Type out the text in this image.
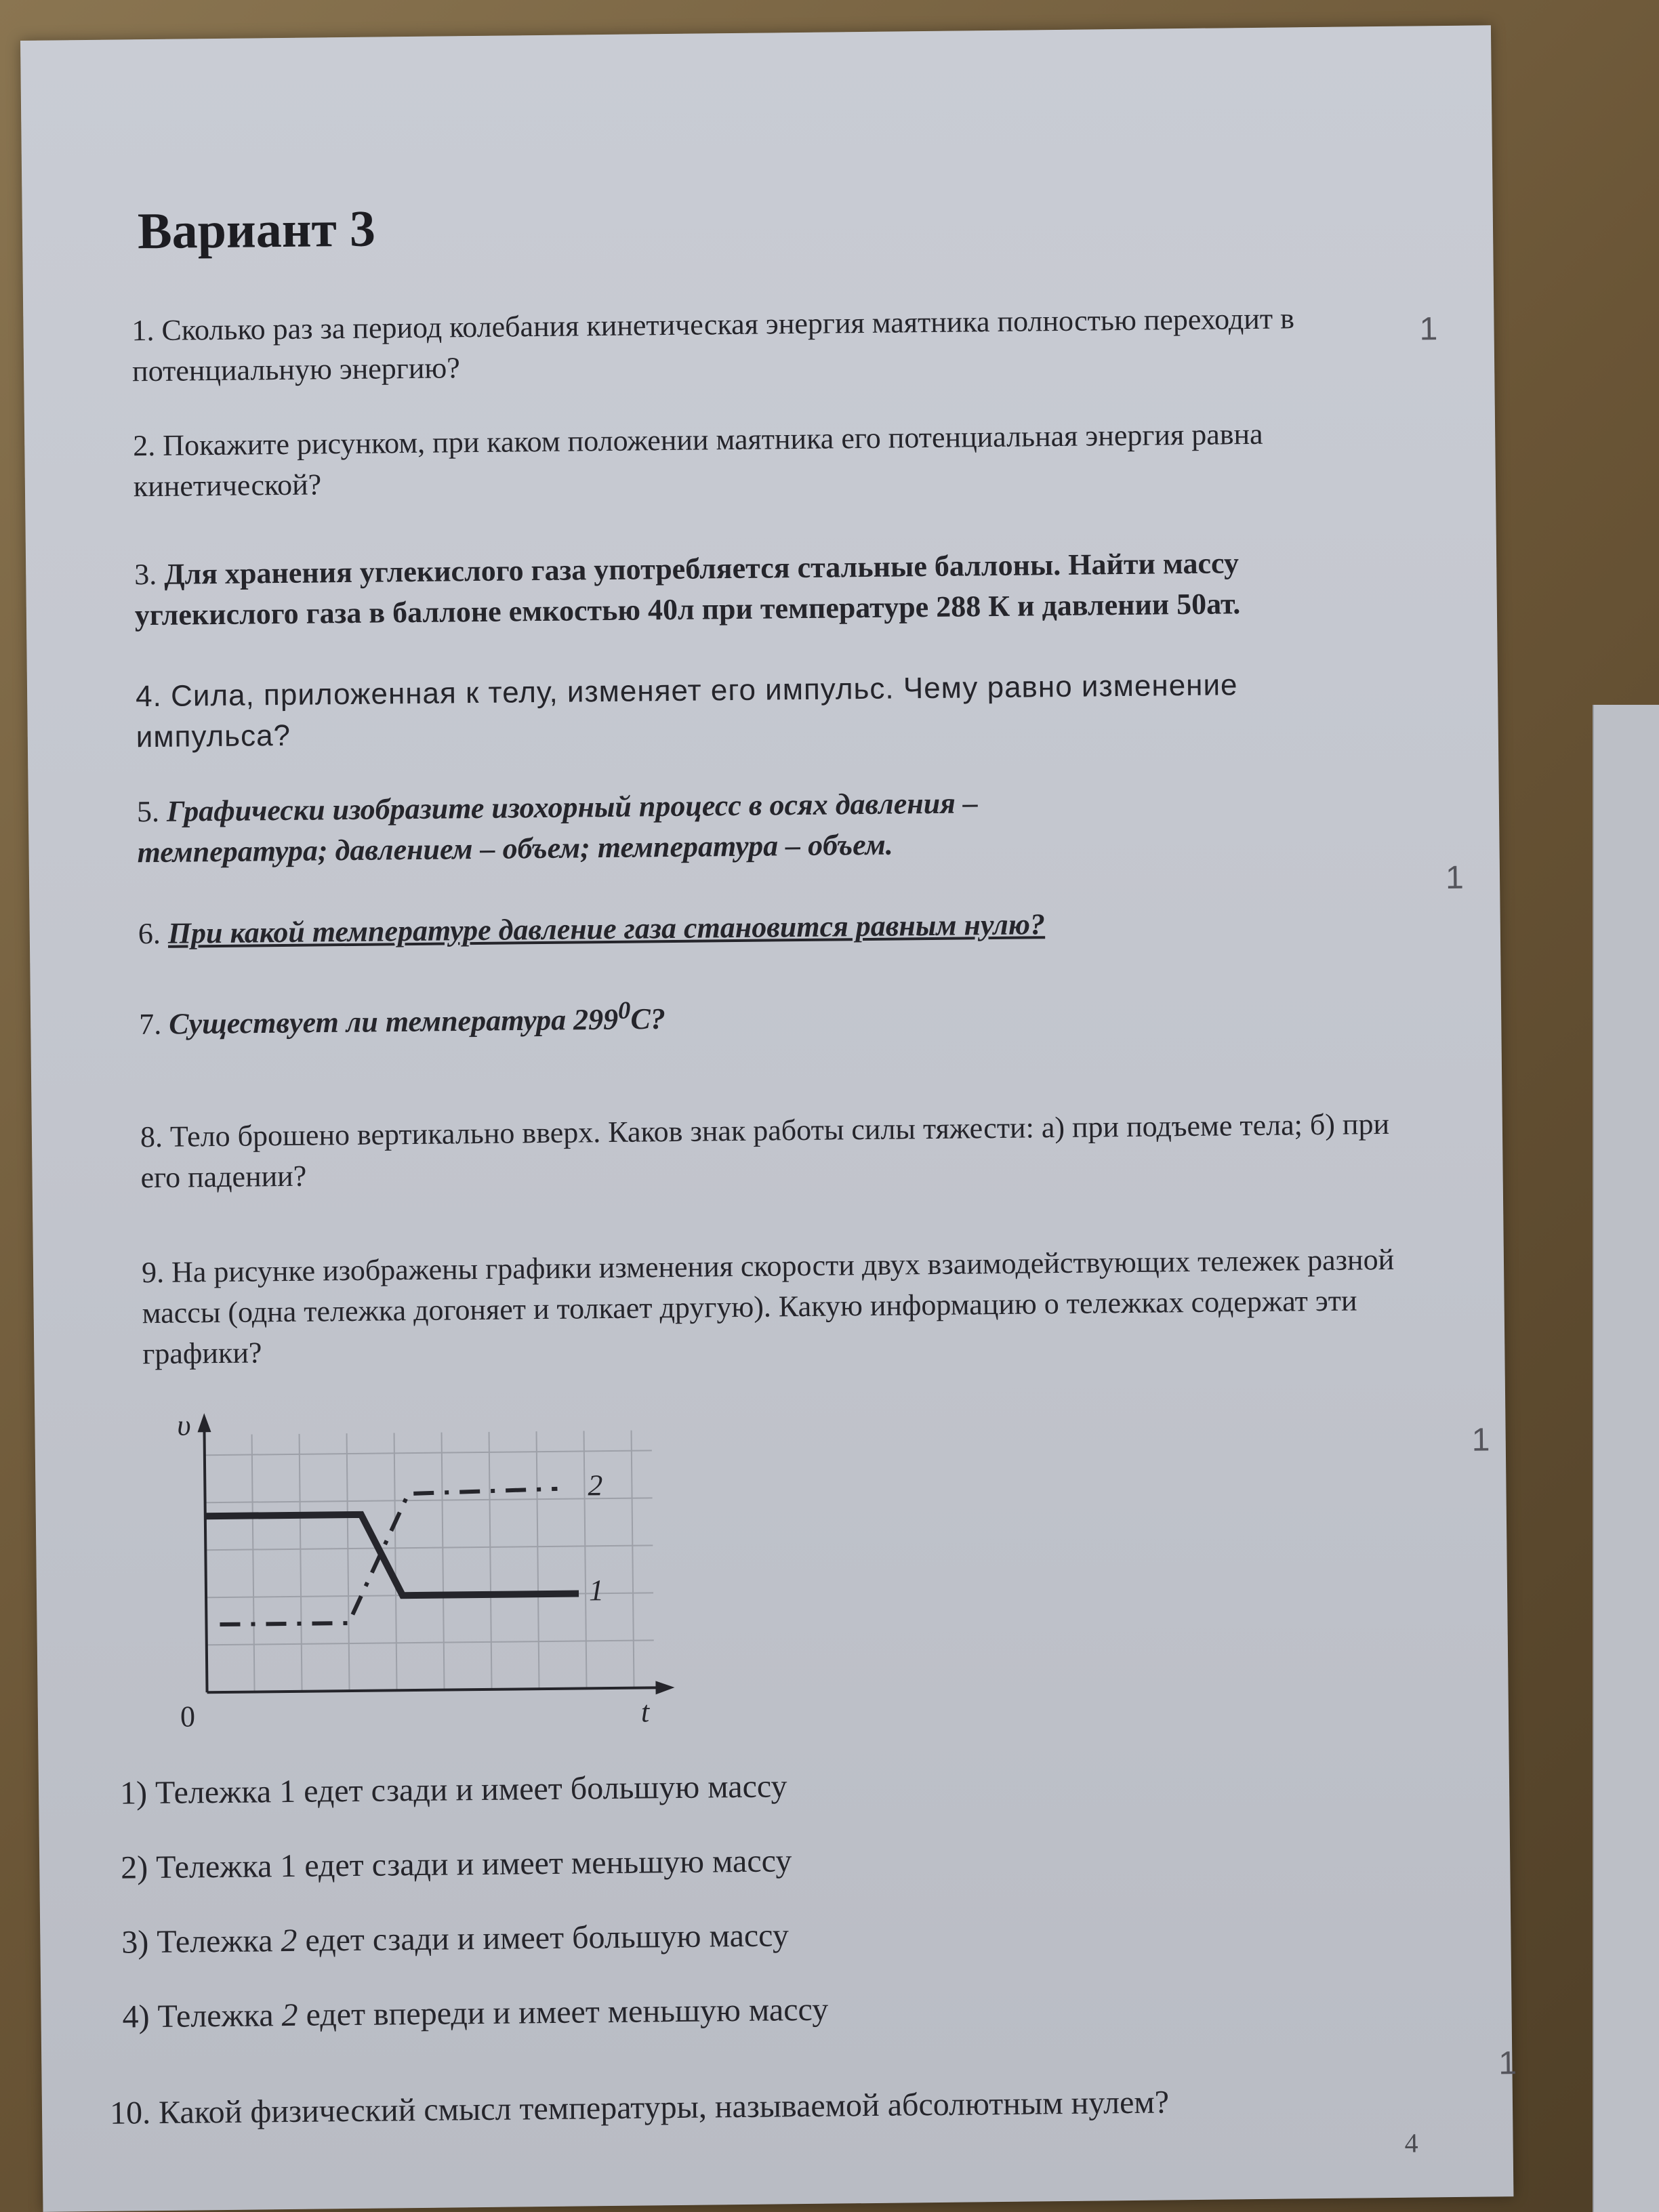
Вариант 3
1. Сколько раз за период колебания кинетическая энергия маятника полностью переходит в потенциальную энергию?
2. Покажите рисунком, при каком положении маятника его потенциальная энергия равна кинетической?
3. Для хранения углекислого газа употребляется стальные баллоны. Найти массу углекислого газа в баллоне емкостью 40л при температуре 288 К и давлении 50ат.
4. Сила, приложенная к телу, изменяет его импульс. Чему равно изменение импульса?
5. Графически изобразите изохорный процесс в осях давления – температура; давлением – объем; температура – объем.
6. При какой температуре давление газа становится равным нулю?
7. Существует ли температура $299^0С$?
8. Тело брошено вертикально вверх. Каков знак работы силы тяжести: а) при подъеме тела; б) при его падении?
9. На рисунке изображены графики изменения скорости двух взаимодействующих тележек разной массы (одна тележка догоняет и толкает другую). Какую информацию о тележках содержат эти графики?
υ
t
0
1
2
1) Тележка 1 едет сзади и имеет большую массу
2) Тележка 1 едет сзади и имеет меньшую массу
3) Тележка 2 едет сзади и имеет большую массу
4) Тележка 2 едет впереди и имеет меньшую массу
10. Какой физический смысл температуры, называемой абсолютным нулем?
1
1
1
1
4
